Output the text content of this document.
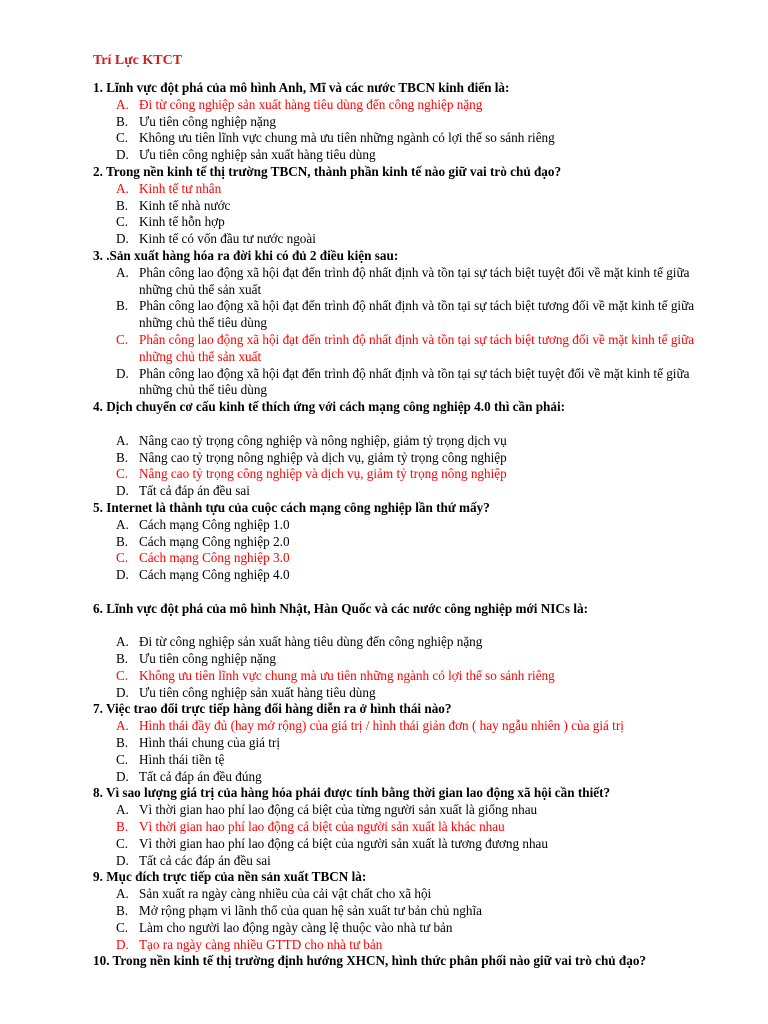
Trí Lực KTCT

1. Lĩnh vực đột phá của mô hình Anh, Mĩ và các nước TBCN kinh điển là:

A. Đi từ công nghiệp sản xuất hàng tiêu dùng đến công nghiệp nặng

B. Ưu tiên công nghiệp nặng

C. Không ưu tiên lĩnh vực chung mà ưu tiên những ngành có lợi thế so sánh riêng

D. Ưu tiên công nghiệp sản xuất hàng tiêu dùng

2. Trong nền kinh tế thị trường TBCN, thành phần kinh tế nào giữ vai trò chủ đạo?

A. Kinh tế tư nhân

B. Kinh tế nhà nước

C. Kinh tế hỗn hợp

D. Kinh tế có vốn đầu tư nước ngoài

3. .Sản xuất hàng hóa ra đời khi có đủ 2 điều kiện sau:

A. Phân công lao động xã hội đạt đến trình độ nhất định và tồn tại sự tách biệt tuyệt đối về mặt kinh tế giữa những chủ thể sản xuất

B. Phân công lao động xã hội đạt đến trình độ nhất định và tồn tại sự tách biệt tương đối về mặt kinh tế giữa những chủ thể tiêu dùng

C. Phân công lao động xã hội đạt đến trình độ nhất định và tồn tại sự tách biệt tương đối về mặt kinh tế giữa những chủ thể sản xuất

D. Phân công lao động xã hội đạt đến trình độ nhất định và tồn tại sự tách biệt tuyệt đối về mặt kinh tế giữa những chủ thể tiêu dùng

4. Dịch chuyển cơ cấu kinh tế thích ứng với cách mạng công nghiệp 4.0 thì cần phải:

A. Nâng cao tỷ trọng công nghiệp và nông nghiệp, giảm tỷ trọng dịch vụ

B. Nâng cao tỷ trọng nông nghiệp và dịch vụ, giảm tỷ trọng công nghiệp

C. Nâng cao tỷ trọng công nghiệp và dịch vụ, giảm tỷ trọng nông nghiệp

D. Tất cả đáp án đều sai

5. Internet là thành tựu của cuộc cách mạng công nghiệp lần thứ mấy?

A. Cách mạng Công nghiệp 1.0

B. Cách mạng Công nghiệp 2.0

C. Cách mạng Công nghiệp 3.0

D. Cách mạng Công nghiệp 4.0

6. Lĩnh vực đột phá của mô hình Nhật, Hàn Quốc và các nước công nghiệp mới NICs là:

A. Đi từ công nghiệp sản xuất hàng tiêu dùng đến công nghiệp nặng

B. Ưu tiên công nghiệp nặng

C. Không ưu tiên lĩnh vực chung mà ưu tiên những ngành có lợi thế so sánh riêng

D. Ưu tiên công nghiệp sản xuất hàng tiêu dùng

7. Việc trao đổi trực tiếp hàng đổi hàng diễn ra ở hình thái nào?

A. Hình thái đầy đủ (hay mở rộng) của giá trị / hình thái giản đơn ( hay ngẫu nhiên ) của giá trị

B. Hình thái chung của giá trị

C. Hình thái tiền tệ

D. Tất cả đáp án đều đúng

8. Vì sao lượng giá trị của hàng hóa phải được tính bằng thời gian lao động xã hội cần thiết?

A. Vì thời gian hao phí lao động cá biệt của từng người sản xuất là giống nhau

B. Vì thời gian hao phí lao động cá biệt của người sản xuất là khác nhau

C. Vì thời gian hao phí lao động cá biệt của người sản xuất là tương đương nhau

D. Tất cả các đáp án đều sai

9. Mục đích trực tiếp của nền sản xuất TBCN là:

A. Sản xuất ra ngày càng nhiều của cải vật chất cho xã hội

B. Mở rộng phạm vi lãnh thổ của quan hệ sản xuất tư bản chủ nghĩa

C. Làm cho người lao động ngày càng lệ thuộc vào nhà tư bản

D. Tạo ra ngày càng nhiều GTTD cho nhà tư bản

10. Trong nền kinh tế thị trường định hướng XHCN, hình thức phân phối nào giữ vai trò chủ đạo?
